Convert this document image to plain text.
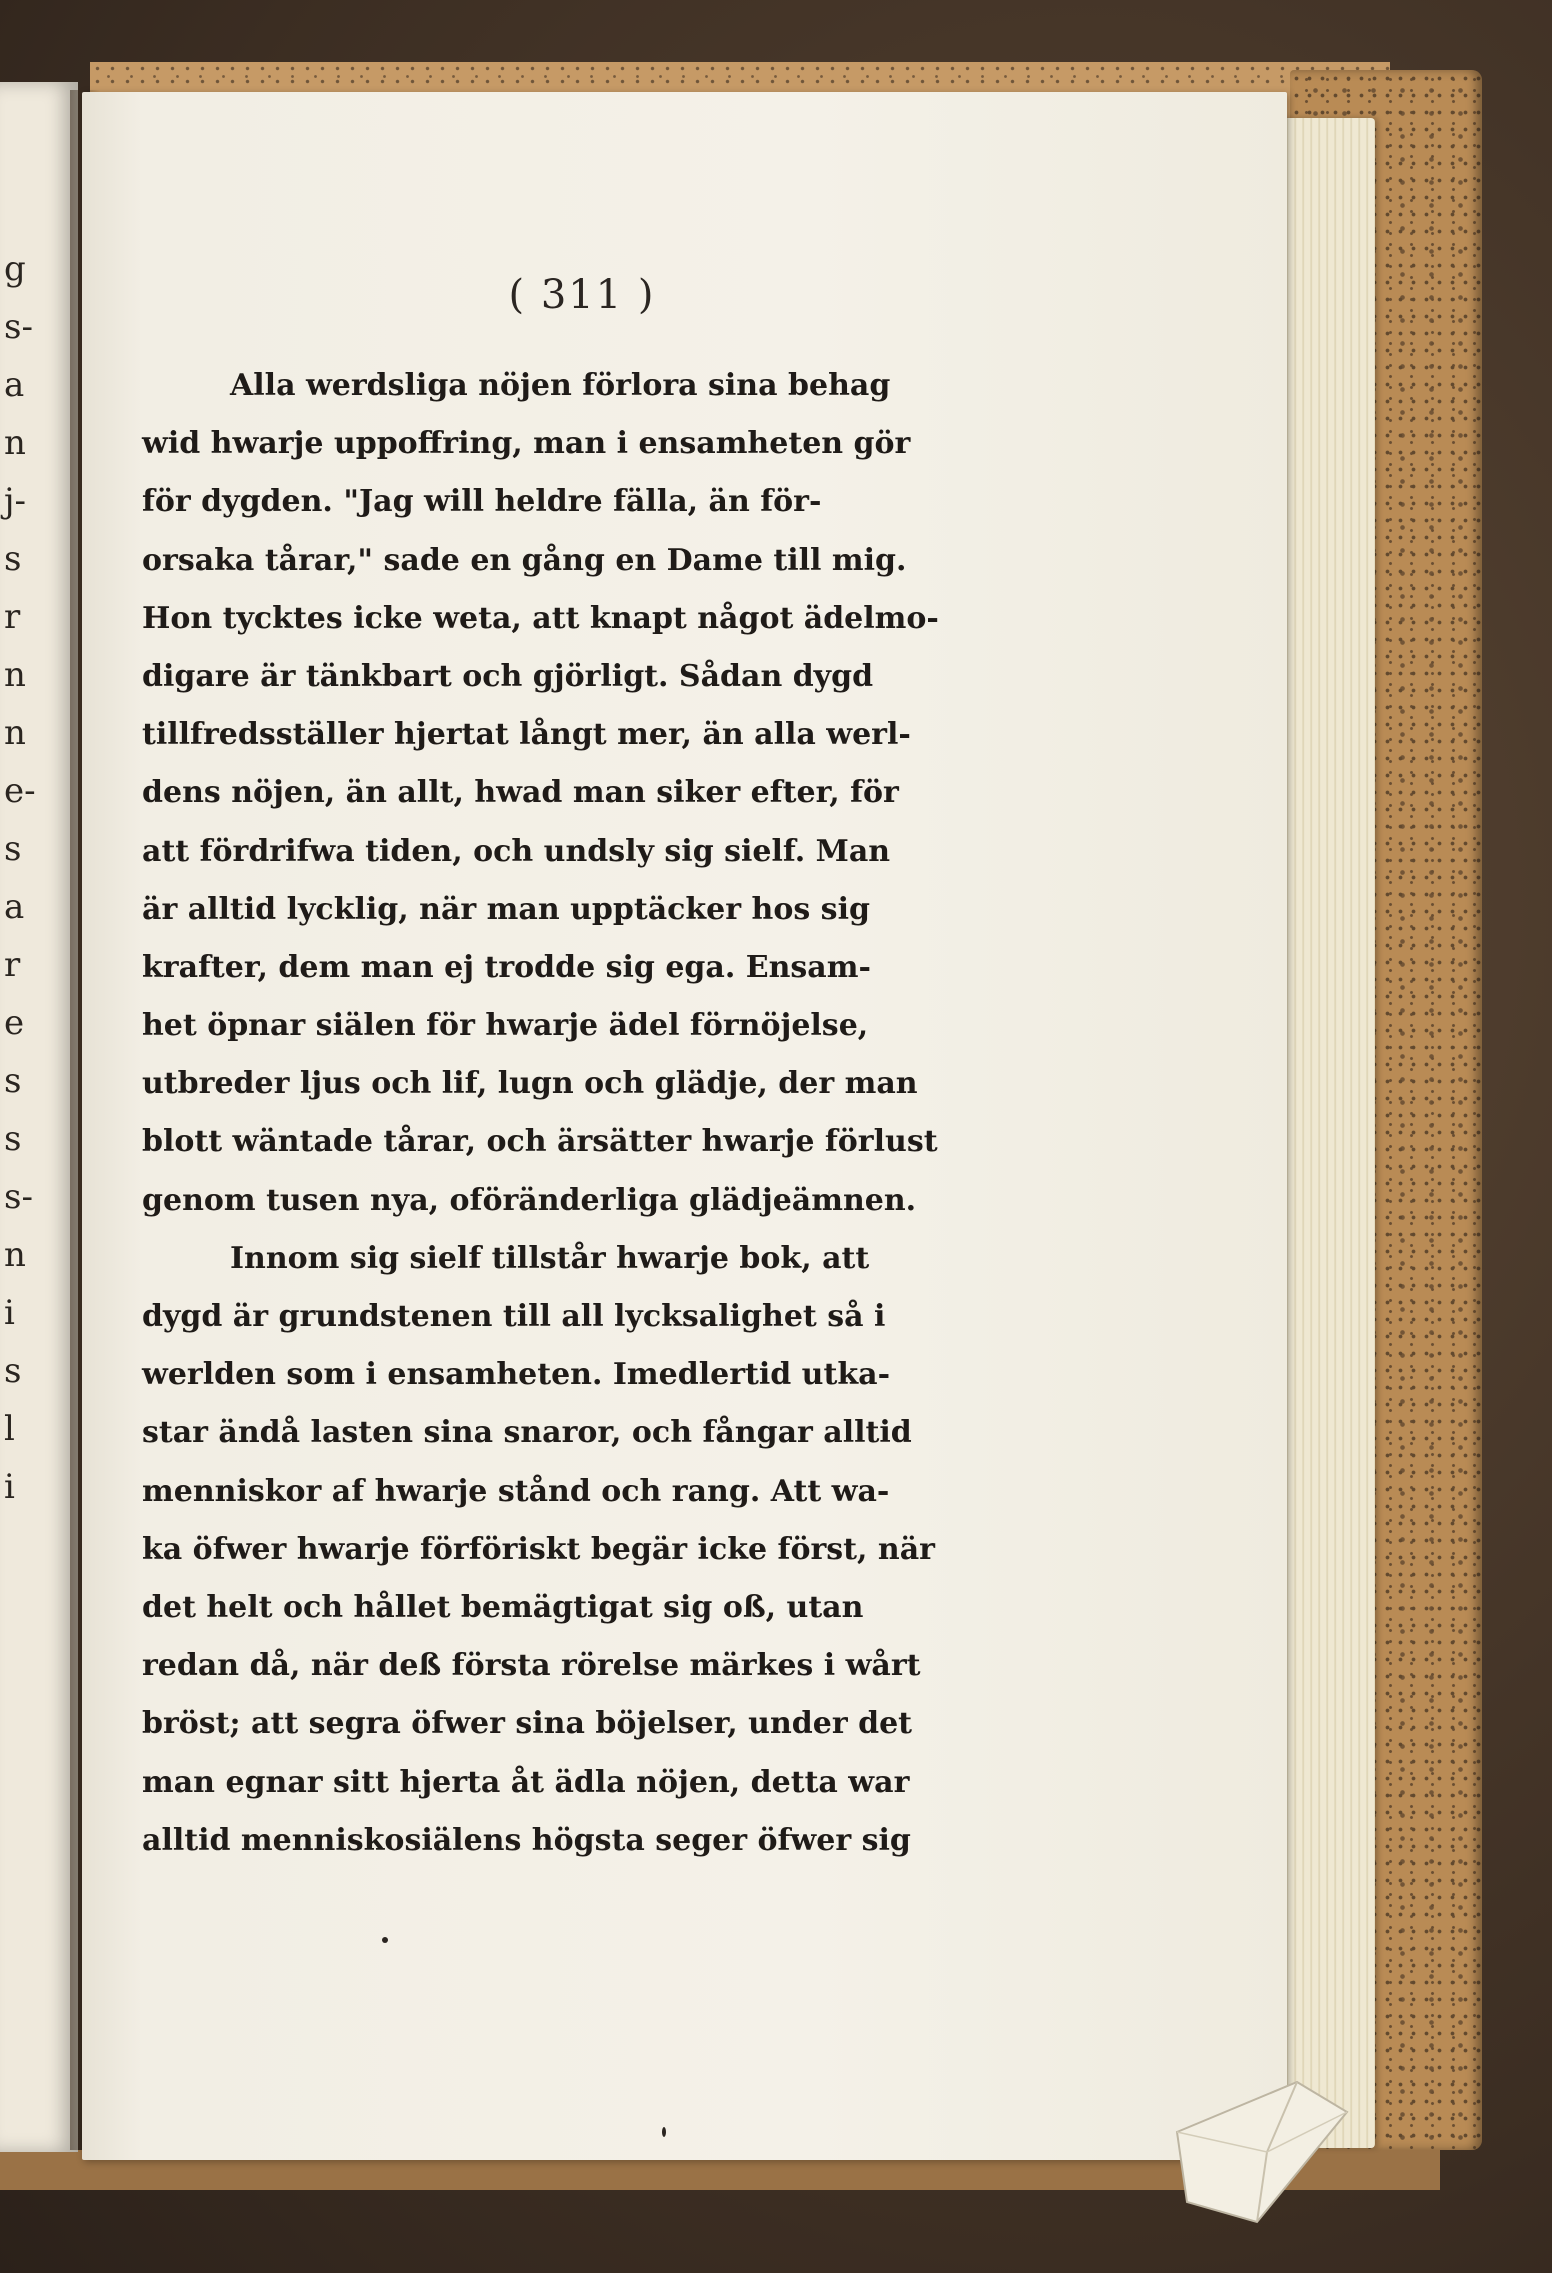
g
s-
a
n
j-
s
r
n
n
e-
s
a
r
e
s
s
s-
n
i
s
l
i
( 311 )
Alla werdsliga nöjen förlora sina behag
wid hwarje uppoffring, man i ensamheten gör
för dygden. "Jag will heldre fälla, än för-
orsaka tårar," sade en gång en Dame till mig.
Hon tycktes icke weta, att knapt något ädelmo-
digare är tänkbart och gjörligt. Sådan dygd
tillfredsställer hjertat långt mer, än alla werl-
dens nöjen, än allt, hwad man siker efter, för
att fördrifwa tiden, och undsly sig sielf. Man
är alltid lycklig, när man upptäcker hos sig
krafter, dem man ej trodde sig ega. Ensam-
het öpnar siälen för hwarje ädel förnöjelse,
utbreder ljus och lif, lugn och glädje, der man
blott wäntade tårar, och ärsätter hwarje förlust
genom tusen nya, oföränderliga glädjeämnen.
Innom sig sielf tillstår hwarje bok, att
dygd är grundstenen till all lycksalighet så i
werlden som i ensamheten. Imedlertid utka-
star ändå lasten sina snaror, och fångar alltid
menniskor af hwarje stånd och rang. Att wa-
ka öfwer hwarje förföriskt begär icke först, när
det helt och hållet bemägtigat sig oß, utan
redan då, när deß första rörelse märkes i wårt
bröst; att segra öfwer sina böjelser, under det
man egnar sitt hjerta åt ädla nöjen, detta war
alltid menniskosiälens högsta seger öfwer sig
